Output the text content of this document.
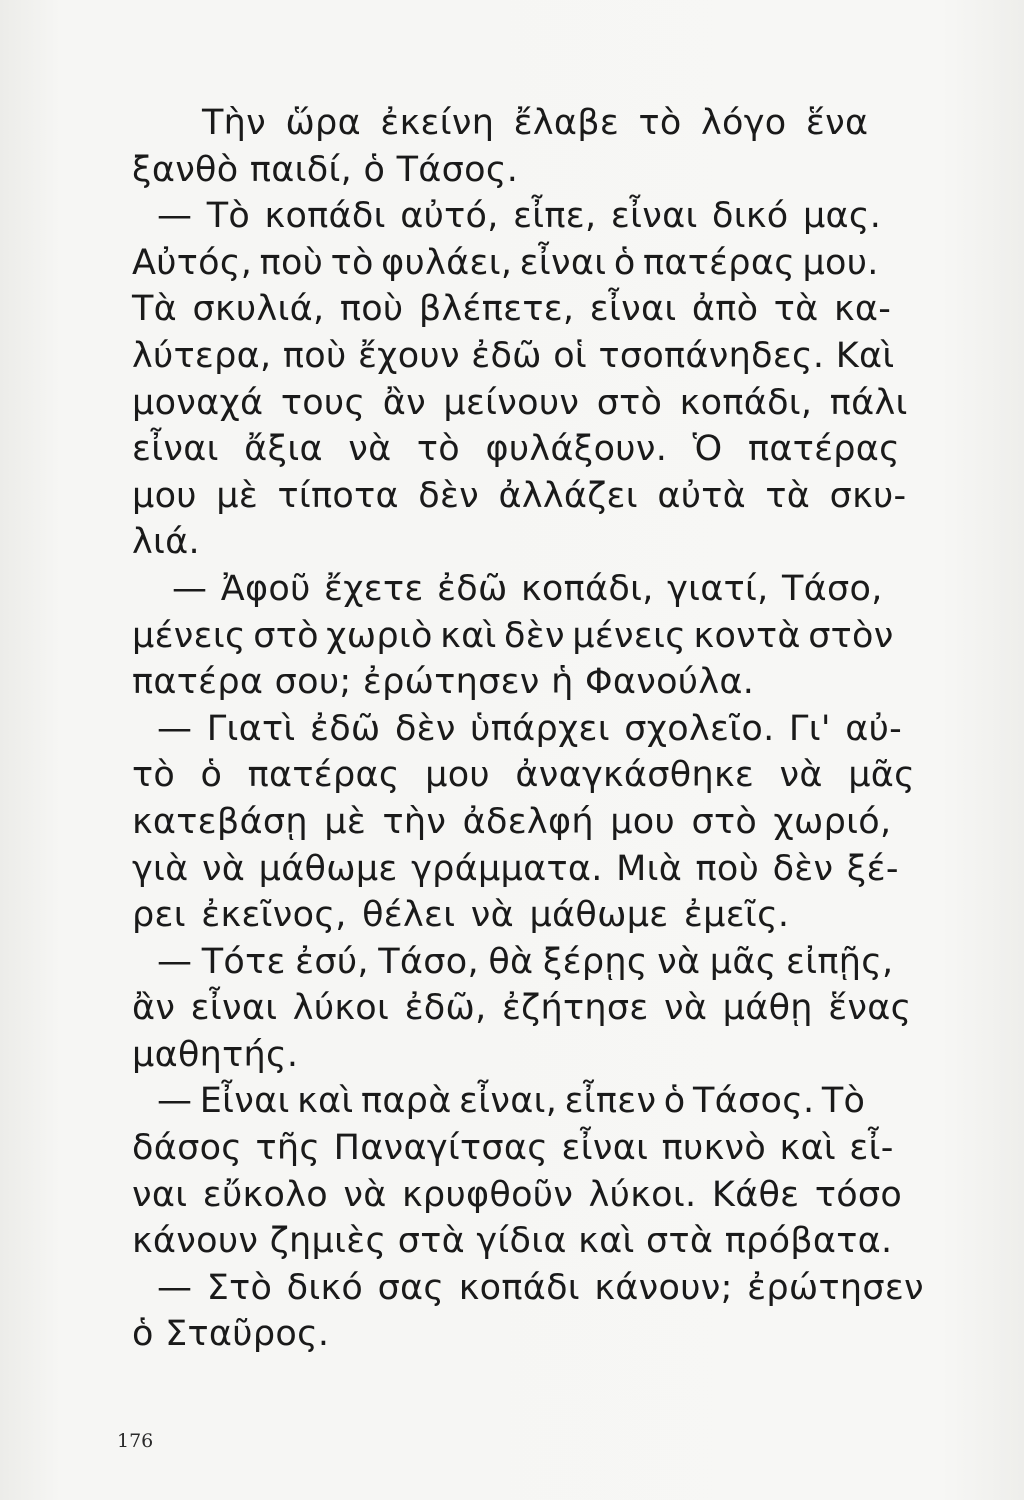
Τὴν ὥρα ἐκείνη ἔλαβε τὸ λόγο ἕνα
ξανθὸ παιδί, ὁ Τάσος.
— Τὸ κοπάδι αὐτό, εἶπε, εἶναι δικό μας.
Αὐτός, ποὺ τὸ φυλάει, εἶναι ὁ πατέρας μου.
Τὰ σκυλιά, ποὺ βλέπετε, εἶναι ἀπὸ τὰ κα-
λύτερα, ποὺ ἔχουν ἐδῶ οἱ τσοπάνηδες. Καὶ
μοναχά τους ἂν μείνουν στὸ κοπάδι, πάλι
εἶναι ἄξια νὰ τὸ φυλάξουν. Ὁ πατέρας
μου μὲ τίποτα δὲν ἀλλάζει αὐτὰ τὰ σκυ-
λιά.
— Ἀφοῦ ἔχετε ἐδῶ κοπάδι, γιατί, Τάσο,
μένεις στὸ χωριὸ καὶ δὲν μένεις κοντὰ στὸν
πατέρα σου; ἐρώτησεν ἡ Φανούλα.
— Γιατὶ ἐδῶ δὲν ὑπάρχει σχολεῖο. Γι' αὐ-
τὸ ὁ πατέρας μου ἀναγκάσθηκε νὰ μᾶς
κατεβάσῃ μὲ τὴν ἀδελφή μου στὸ χωριό,
γιὰ νὰ μάθωμε γράμματα. Μιὰ ποὺ δὲν ξέ-
ρει ἐκεῖνος, θέλει νὰ μάθωμε ἐμεῖς.
— Τότε ἐσύ, Τάσο, θὰ ξέρῃς νὰ μᾶς εἰπῇς,
ἂν εἶναι λύκοι ἐδῶ, ἐζήτησε νὰ μάθῃ ἕνας
μαθητής.
— Εἶναι καὶ παρὰ εἶναι, εἶπεν ὁ Τάσος. Τὸ
δάσος τῆς Παναγίτσας εἶναι πυκνὸ καὶ εἶ-
ναι εὔκολο νὰ κρυφθοῦν λύκοι. Κάθε τόσο
κάνουν ζημιὲς στὰ γίδια καὶ στὰ πρόβατα.
— Στὸ δικό σας κοπάδι κάνουν; ἐρώτησεν
ὁ Σταῦρος.
176
